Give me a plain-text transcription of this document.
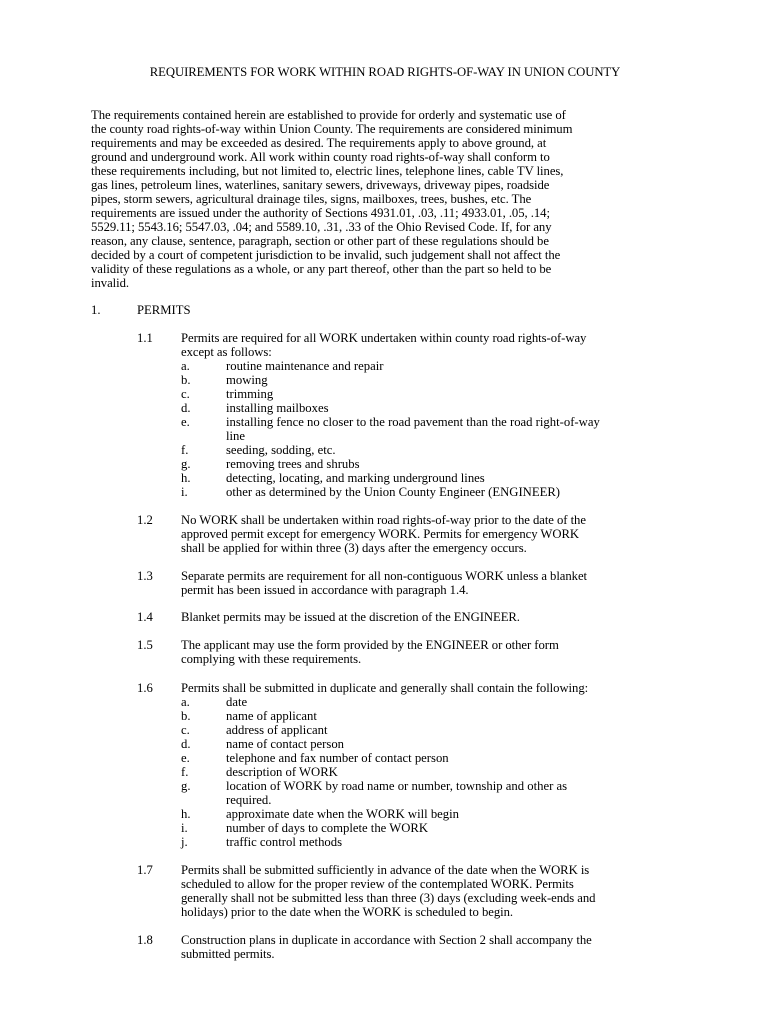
REQUIREMENTS FOR WORK WITHIN ROAD RIGHTS-OF-WAY IN UNION COUNTY
The requirements contained herein are established to provide for orderly and systematic use of
the county road rights-of-way within Union County. The requirements are considered minimum
requirements and may be exceeded as desired. The requirements apply to above ground, at
ground and underground work. All work within county road rights-of-way shall conform to
these requirements including, but not limited to, electric lines, telephone lines, cable TV lines,
gas lines, petroleum lines, waterlines, sanitary sewers, driveways, driveway pipes, roadside
pipes, storm sewers, agricultural drainage tiles, signs, mailboxes, trees, bushes, etc. The
requirements are issued under the authority of Sections 4931.01, .03, .11; 4933.01, .05, .14;
5529.11; 5543.16; 5547.03, .04; and 5589.10, .31, .33 of the Ohio Revised Code. If, for any
reason, any clause, sentence, paragraph, section or other part of these regulations should be
decided by a court of competent jurisdiction to be invalid, such judgement shall not affect the
validity of these regulations as a whole, or any part thereof, other than the part so held to be
invalid.
1.	PERMITS
1.1 Permits are required for all WORK undertaken within county road rights-of-way
except as follows:
a.	routine maintenance and repair
b.	mowing
c.	trimming
d.	installing mailboxes
e.	installing fence no closer to the road pavement than the road right-of-way
line
f.	seeding, sodding, etc.
g.	removing trees and shrubs
h.	detecting, locating, and marking underground lines
i.	other as determined by the Union County Engineer (ENGINEER)
1.2 No WORK shall be undertaken within road rights-of-way prior to the date of the
approved permit except for emergency WORK. Permits for emergency WORK
shall be applied for within three (3) days after the emergency occurs.
1.3 Separate permits are requirement for all non-contiguous WORK unless a blanket
permit has been issued in accordance with paragraph 1.4.
1.4 Blanket permits may be issued at the discretion of the ENGINEER.
1.5 The applicant may use the form provided by the ENGINEER or other form
complying with these requirements.
1.6 Permits shall be submitted in duplicate and generally shall contain the following:
a.	date
b.	name of applicant
c.	address of applicant
d.	name of contact person
e.	telephone and fax number of contact person
f.	description of WORK
g.	location of WORK by road name or number, township and other as
required.
h.	approximate date when the WORK will begin
i.	number of days to complete the WORK
j.	traffic control methods
1.7 Permits shall be submitted sufficiently in advance of the date when the WORK is
scheduled to allow for the proper review of the contemplated WORK. Permits
generally shall not be submitted less than three (3) days (excluding week-ends and
holidays) prior to the date when the WORK is scheduled to begin.
1.8 Construction plans in duplicate in accordance with Section 2 shall accompany the
submitted permits.
